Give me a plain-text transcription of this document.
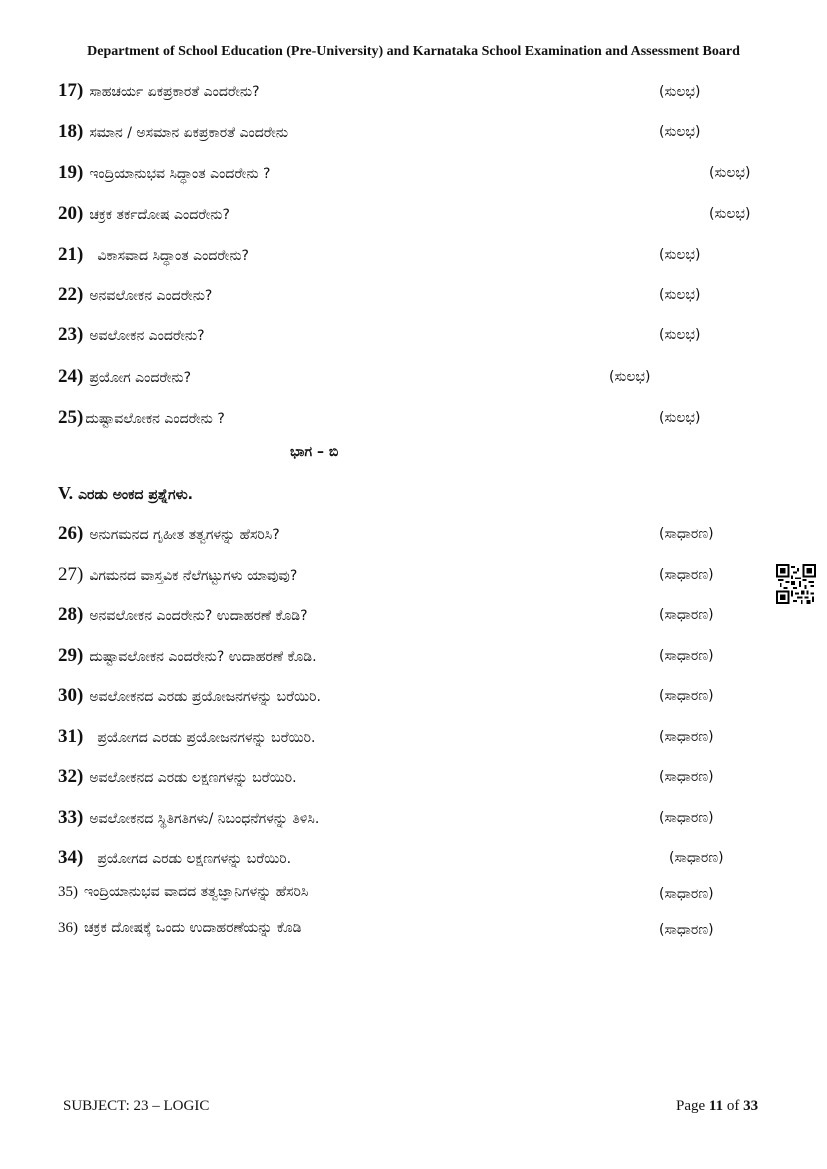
Department of School Education (Pre-University) and Karnataka School Examination and Assessment Board
17) ಸಾಹಚರ್ಯ ಏಕಪ್ರಕಾರತೆ ಎಂದರೇನು?	(ಸುಲಭ)
18) ಸಮಾನ / ಅಸಮಾನ ಏಕಪ್ರಕಾರತೆ ಎಂದರೇನು	(ಸುಲಭ)
19) ಇಂದ್ರಿಯಾನುಭವ ಸಿದ್ಧಾಂತ ಎಂದರೇನು ?	(ಸುಲಭ)
20) ಚಕ್ರಕ ತರ್ಕದೋಷ ಎಂದರೇನು?	(ಸುಲಭ)
21) ವಿಕಾಸವಾದ ಸಿದ್ಧಾಂತ ಎಂದರೇನು?	(ಸುಲಭ)
22) ಅನವಲೋಕನ ಎಂದರೇನು?	(ಸುಲಭ)
23) ಅವಲೋಕನ ಎಂದರೇನು?	(ಸುಲಭ)
24) ಪ್ರಯೋಗ ಎಂದರೇನು?	(ಸುಲಭ)
25) ದುಷ್ಟಾವಲೋಕನ ಎಂದರೇನು ?	(ಸುಲಭ)
ಭಾಗ – ಬಿ
V. ಎರಡು ಅಂಕದ ಪ್ರಶ್ನೆಗಳು.
26) ಅನುಗಮನದ ಗೃಹೀತ ತತ್ವಗಳನ್ನು ಹೆಸರಿಸಿ?	(ಸಾಧಾರಣ)
27) ವಿಗಮನದ ವಾಸ್ತವಿಕ ನೆಲೆಗಟ್ಟುಗಳು ಯಾವುವು?	(ಸಾಧಾರಣ)
28) ಅನವಲೋಕನ ಎಂದರೇನು? ಉದಾಹರಣೆ ಕೊಡಿ?	(ಸಾಧಾರಣ)
29) ದುಷ್ಟಾವಲೋಕನ ಎಂದರೇನು? ಉದಾಹರಣೆ ಕೊಡಿ.	(ಸಾಧಾರಣ)
30) ಅವಲೋಕನದ ಎರಡು ಪ್ರಯೋಜನಗಳನ್ನು ಬರೆಯಿರಿ.	(ಸಾಧಾರಣ)
31) ಪ್ರಯೋಗದ ಎರಡು ಪ್ರಯೋಜನಗಳನ್ನು ಬರೆಯಿರಿ.	(ಸಾಧಾರಣ)
32) ಅವಲೋಕನದ ಎರಡು ಲಕ್ಷಣಗಳನ್ನು ಬರೆಯಿರಿ.	(ಸಾಧಾರಣ)
33) ಅವಲೋಕನದ ಸ್ಥಿತಿಗತಿಗಳು/ ನಿಬಂಧನೆಗಳನ್ನು ತಿಳಿಸಿ.	(ಸಾಧಾರಣ)
34) ಪ್ರಯೋಗದ ಎರಡು ಲಕ್ಷಣಗಳನ್ನು ಬರೆಯಿರಿ.	(ಸಾಧಾರಣ)
35) ಇಂದ್ರಿಯಾನುಭವ ವಾದದ ತತ್ವಜ್ಞಾನಿಗಳನ್ನು ಹೆಸರಿಸಿ	(ಸಾಧಾರಣ)
36) ಚಕ್ರಕ ದೋಷಕ್ಕೆ ಒಂದು ಉದಾಹರಣೆಯನ್ನು ಕೊಡಿ	(ಸಾಧಾರಣ)
SUBJECT: 23 – LOGIC	Page 11 of 33
